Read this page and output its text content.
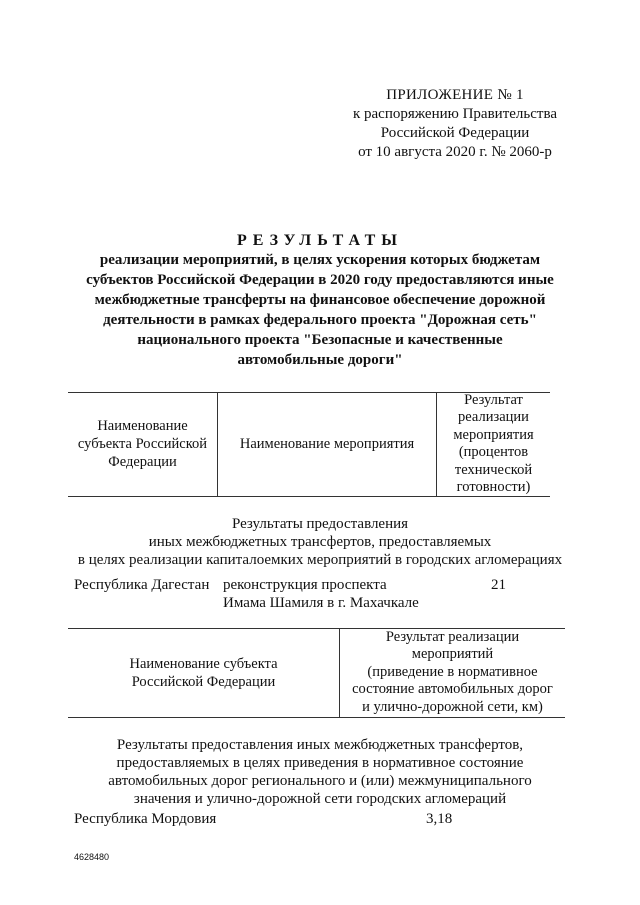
ПРИЛОЖЕНИЕ № 1
к распоряжению Правительства
Российской Федерации
от 10 августа 2020 г. № 2060-р
РЕЗУЛЬТАТЫ
реализации мероприятий, в целях ускорения которых бюджетам
субъектов Российской Федерации в 2020 году предоставляются иные
межбюджетные трансферты на финансовое обеспечение дорожной
деятельности в рамках федерального проекта "Дорожная сеть"
национального проекта "Безопасные и качественные
автомобильные дороги"
Наименование
субъекта Российской
Федерации
Наименование мероприятия
Результат
реализации
мероприятия
(процентов
технической
готовности)
Результаты предоставления
иных межбюджетных трансфертов, предоставляемых
в целях реализации капиталоемких мероприятий в городских агломерациях
Республика Дагестан реконструкция проспекта
Имама Шамиля в г. Махачкале
21
Наименование субъекта
Российской Федерации
Результат реализации
мероприятий
(приведение в нормативное
состояние автомобильных дорог
и улично-дорожной сети, км)
Результаты предоставления иных межбюджетных трансфертов,
предоставляемых в целях приведения в нормативное состояние
автомобильных дорог регионального и (или) межмуниципального
значения и улично-дорожной сети городских агломераций
Республика Мордовия	3,18
4628480
